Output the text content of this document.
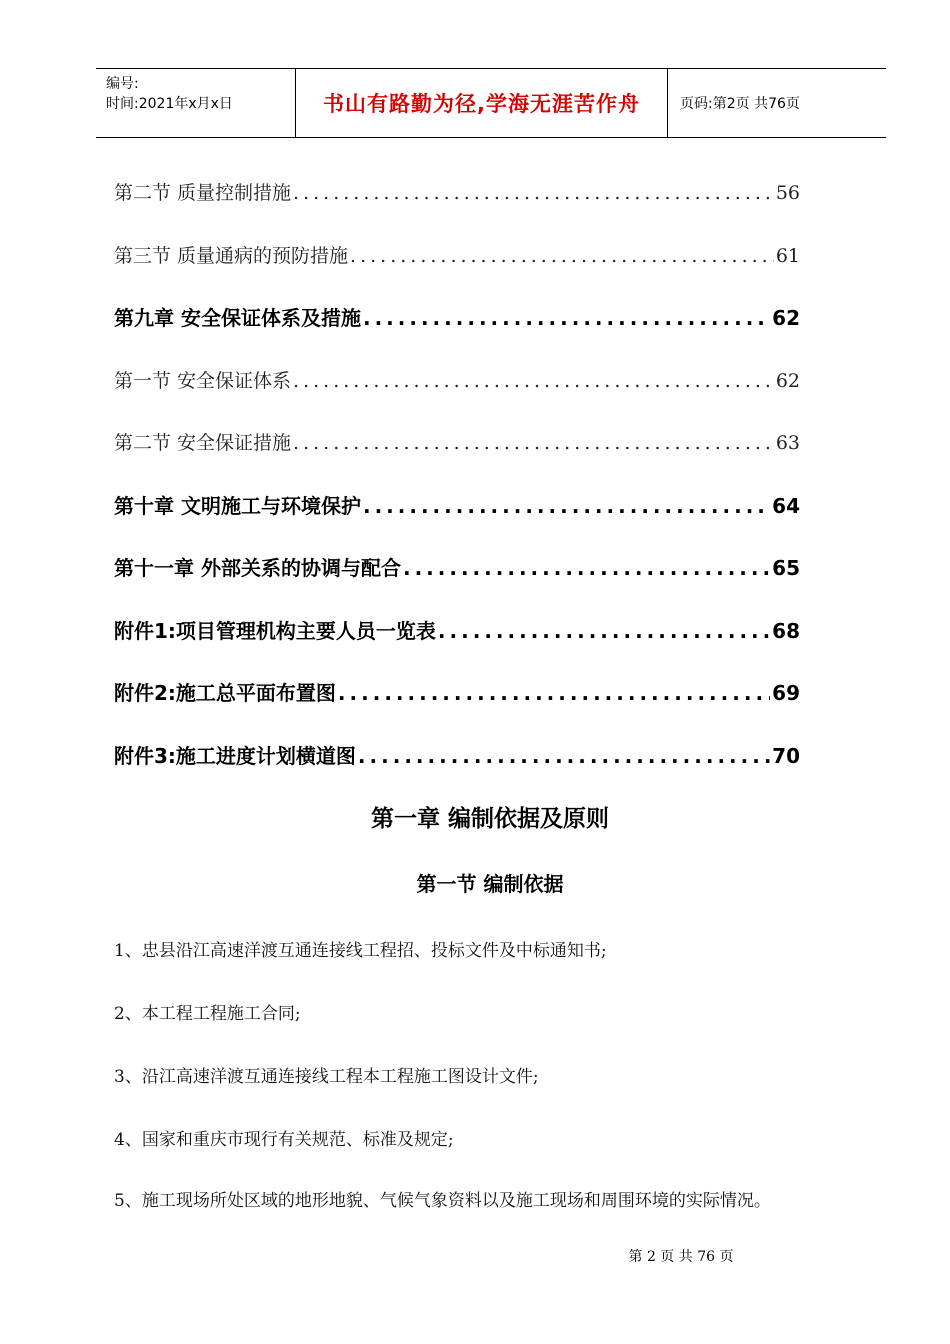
编号:
时间:2021年x月x日	书山有路勤为径,学海无涯苦作舟	页码:第2页 共76页
第二节 质量控制措施 .....	56
第三节 质量通病的预防措施 .....	61
第九章 安全保证体系及措施 .....	62
第一节 安全保证体系 .....	62
第二节 安全保证措施 .....	63
第十章 文明施工与环境保护 .....	64
第十一章 外部关系的协调与配合 .....	65
附件1:项目管理机构主要人员一览表 .....	68
附件2:施工总平面布置图 .....	69
附件3:施工进度计划横道图 .....	70
第一章 编制依据及原则
第一节 编制依据
1、忠县沿江高速洋渡互通连接线工程招、投标文件及中标通知书;
2、本工程工程施工合同;
3、沿江高速洋渡互通连接线工程本工程施工图设计文件;
4、国家和重庆市现行有关规范、标准及规定;
5、施工现场所处区域的地形地貌、气候气象资料以及施工现场和周围环境的实际情况。
第 2 页 共 76 页
